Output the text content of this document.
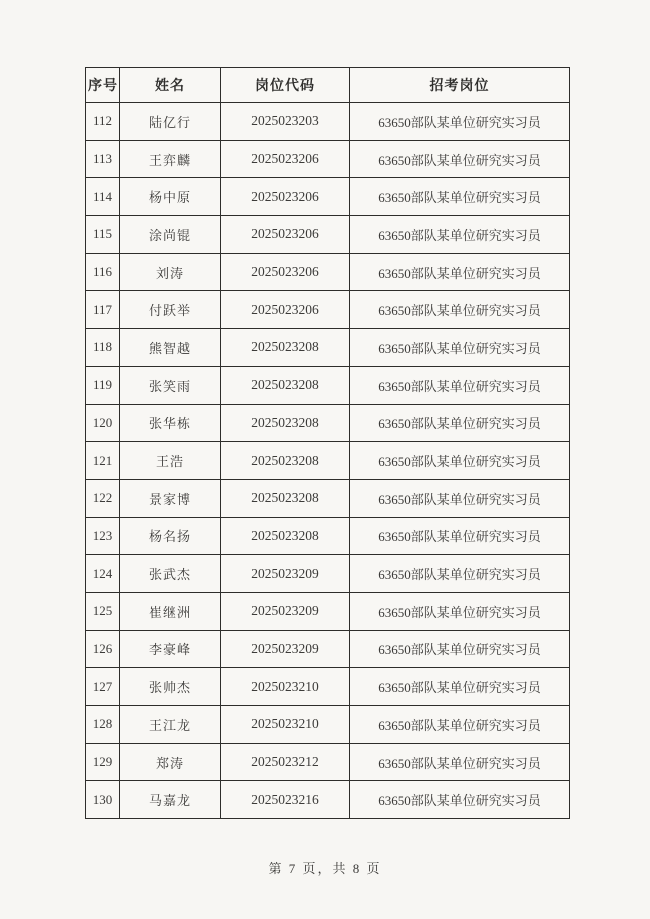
序号	姓名	岗位代码	招考岗位
112	陆亿行	2025023203	63650部队某单位研究实习员
113	王弈麟	2025023206	63650部队某单位研究实习员
114	杨中原	2025023206	63650部队某单位研究实习员
115	涂尚锟	2025023206	63650部队某单位研究实习员
116	刘涛	2025023206	63650部队某单位研究实习员
117	付跃举	2025023206	63650部队某单位研究实习员
118	熊智越	2025023208	63650部队某单位研究实习员
119	张笑雨	2025023208	63650部队某单位研究实习员
120	张华栋	2025023208	63650部队某单位研究实习员
121	王浩	2025023208	63650部队某单位研究实习员
122	景家博	2025023208	63650部队某单位研究实习员
123	杨名扬	2025023208	63650部队某单位研究实习员
124	张武杰	2025023209	63650部队某单位研究实习员
125	崔继洲	2025023209	63650部队某单位研究实习员
126	李豪峰	2025023209	63650部队某单位研究实习员
127	张帅杰	2025023210	63650部队某单位研究实习员
128	王江龙	2025023210	63650部队某单位研究实习员
129	郑涛	2025023212	63650部队某单位研究实习员
130	马嘉龙	2025023216	63650部队某单位研究实习员
第 7 页，共 8 页
